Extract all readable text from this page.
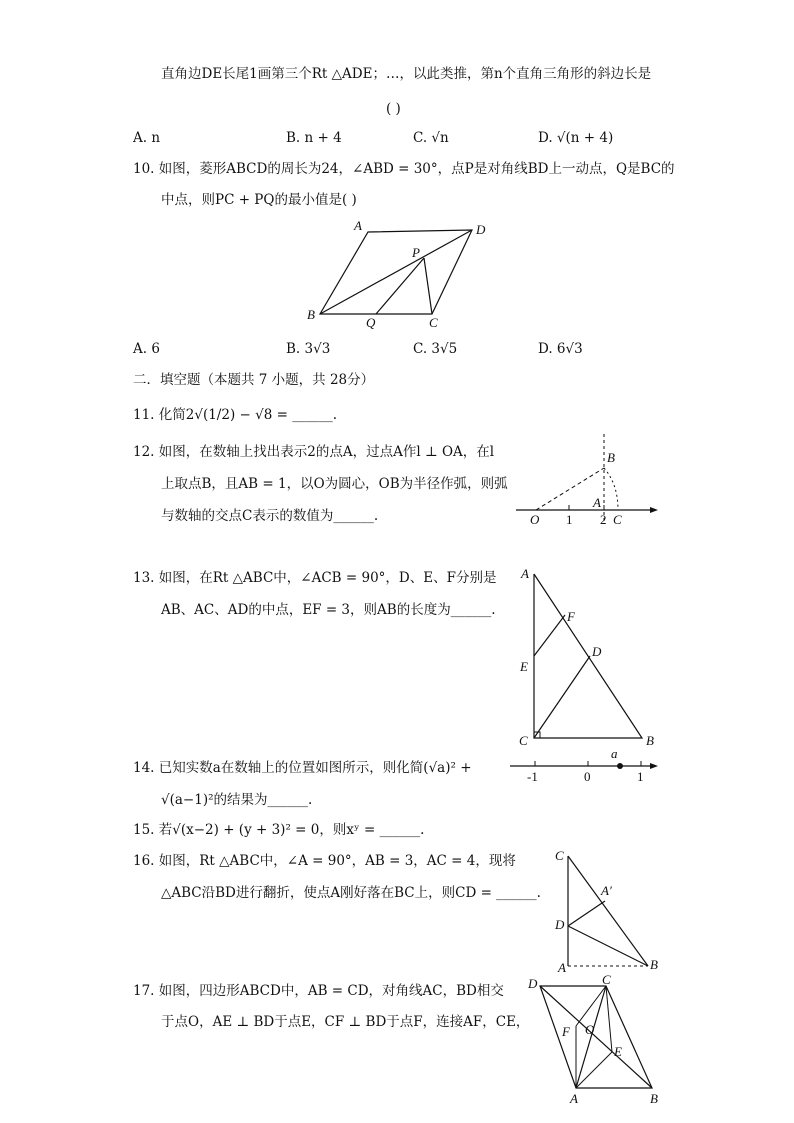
直角边DE长尾1画第三个Rt △ADE；…，以此类推，第n个直角三角形的斜边长是
( )
A. n	B. n + 4	C. √n	D. √(n + 4)
10. 如图，菱形ABCD的周长为24，∠ABD = 30°，点P是对角线BD上一动点，Q是BC的
中点，则PC + PQ的最小值是( )
A	D
P
B
Q	C
A. 6	B. 3√3	C. 3√5	D. 6√3
二．填空题（本题共 7 小题，共 28分）
11. 化简2√(1/2) − √8 = ______.
12. 如图，在数轴上找出表示2的点A，过点A作l ⊥ OA，在l
上取点B，且AB = 1，以O为圆心，OB为半径作弧，则弧
与数轴的交点C表示的数值为______.
B
O 1
A
2 C
13. 如图，在Rt △ABC中，∠ACB = 90°，D、E、F分别是
AB、AC、AD的中点，EF = 3，则AB的长度为______.
A
F
D
E
C	B
14. 已知实数a在数轴上的位置如图所示，则化简(√a)² +
√(a−1)²的结果为______.
a
-1	0	1
15. 若√(x−2) + (y + 3)² = 0，则xʸ = ______.
16. 如图，Rt △ABC中，∠A = 90°，AB = 3，AC = 4，现将
△ABC沿BD进行翻折，使点A刚好落在BC上，则CD = ______.
C
A′
D
A	B
17. 如图，四边形ABCD中，AB = CD，对角线AC，BD相交
于点O，AE ⊥ BD于点E，CF ⊥ BD于点F，连接AF，CE，
D	C
F O
E
A	B
